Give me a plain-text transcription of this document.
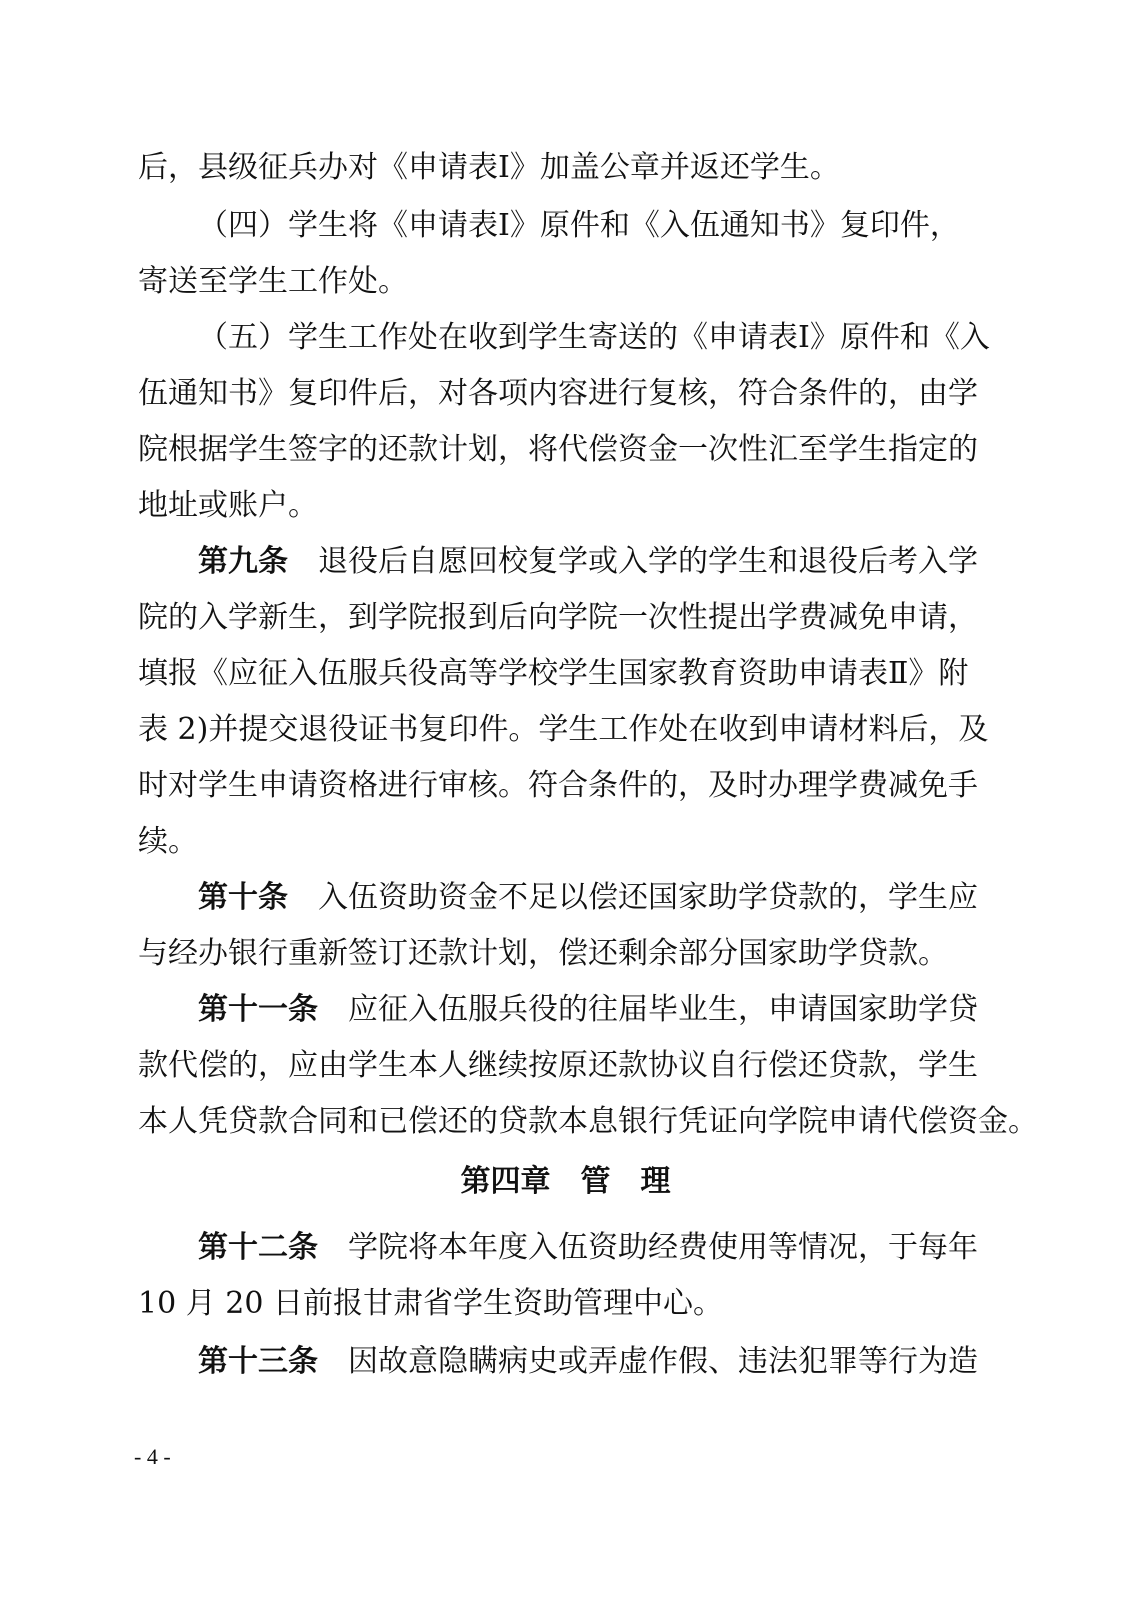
后，县级征兵办对《申请表Ⅰ》加盖公章并返还学生。
（四）学生将《申请表Ⅰ》原件和《入伍通知书》复印件，
寄送至学生工作处。
（五）学生工作处在收到学生寄送的《申请表Ⅰ》原件和《入
伍通知书》复印件后，对各项内容进行复核，符合条件的，由学
院根据学生签字的还款计划，将代偿资金一次性汇至学生指定的
地址或账户。
第九条 退役后自愿回校复学或入学的学生和退役后考入学
院的入学新生，到学院报到后向学院一次性提出学费减免申请，
填报《应征入伍服兵役高等学校学生国家教育资助申请表Ⅱ》附
表 2)并提交退役证书复印件。学生工作处在收到申请材料后，及
时对学生申请资格进行审核。符合条件的，及时办理学费减免手
续。
第十条 入伍资助资金不足以偿还国家助学贷款的，学生应
与经办银行重新签订还款计划，偿还剩余部分国家助学贷款。
第十一条 应征入伍服兵役的往届毕业生，申请国家助学贷
款代偿的，应由学生本人继续按原还款协议自行偿还贷款，学生
本人凭贷款合同和已偿还的贷款本息银行凭证向学院申请代偿资金。
第四章　管　理
第十二条 学院将本年度入伍资助经费使用等情况，于每年
10 月 20 日前报甘肃省学生资助管理中心。
第十三条 因故意隐瞒病史或弄虚作假、违法犯罪等行为造
- 4 -
